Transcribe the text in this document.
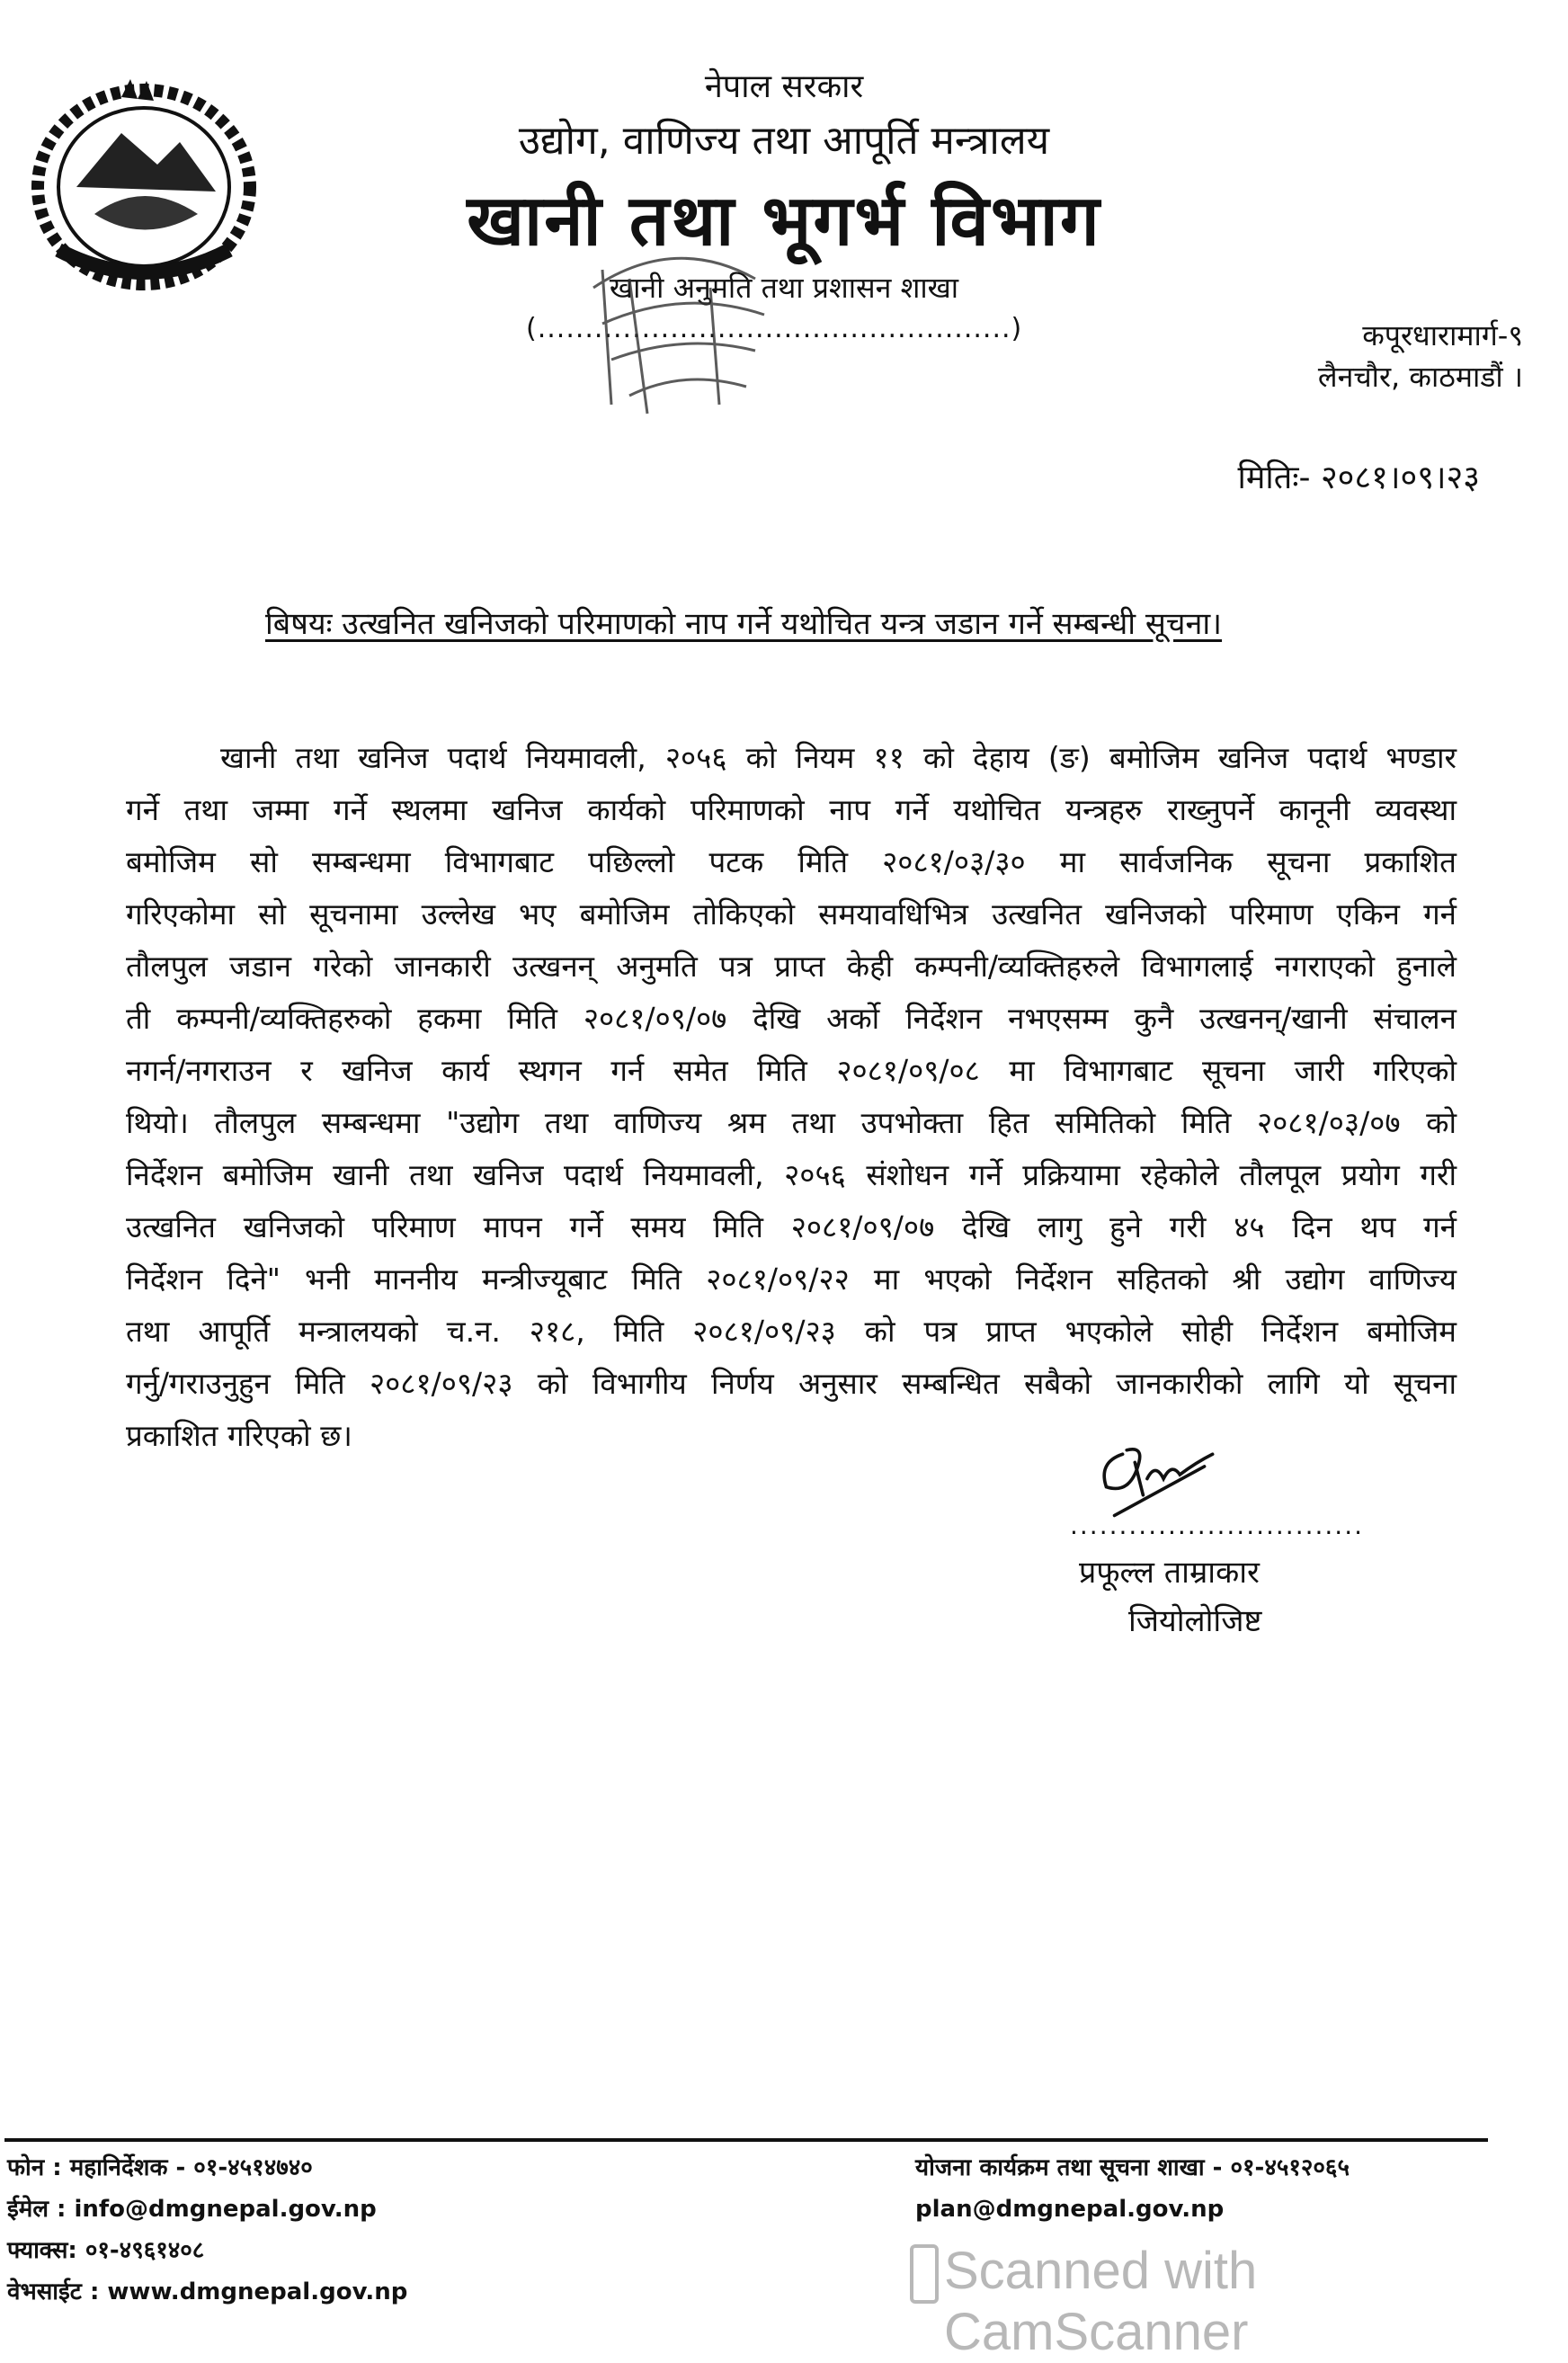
नेपाल सरकार
उद्योग, वाणिज्य तथा आपूर्ति मन्त्रालय
खानी तथा भूगर्भ विभाग
खानी अनुमति तथा प्रशासन शाखा
(..................................................)	कपूरधारामार्ग-९
लैनचौर, काठमाडौं ।
मितिः- २०८१।०९।२३
बिषयः उत्खनित खनिजको परिमाणको नाप गर्ने यथोचित यन्त्र जडान गर्ने सम्बन्धी सूचना।
खानी तथा खनिज पदार्थ नियमावली, २०५६ को नियम ११ को देहाय (ङ) बमोजिम खनिज पदार्थ भण्डार
गर्ने तथा जम्मा गर्ने स्थलमा खनिज कार्यको परिमाणको नाप गर्ने यथोचित यन्त्रहरु राख्नुपर्ने कानूनी व्यवस्था
बमोजिम सो सम्बन्धमा विभागबाट पछिल्लो पटक मिति २०८१/०३/३० मा सार्वजनिक सूचना प्रकाशित
गरिएकोमा सो सूचनामा उल्लेख भए बमोजिम तोकिएको समयावधिभित्र उत्खनित खनिजको परिमाण एकिन गर्न
तौलपुल जडान गरेको जानकारी उत्खनन् अनुमति पत्र प्राप्त केही कम्पनी/व्यक्तिहरुले विभागलाई नगराएको हुनाले
ती कम्पनी/व्यक्तिहरुको हकमा मिति २०८१/०९/०७ देखि अर्को निर्देशन नभएसम्म कुनै उत्खनन्/खानी संचालन
नगर्न/नगराउन र खनिज कार्य स्थगन गर्न समेत मिति २०८१/०९/०८ मा विभागबाट सूचना जारी गरिएको
थियो। तौलपुल सम्बन्धमा "उद्योग तथा वाणिज्य श्रम तथा उपभोक्ता हित समितिको मिति २०८१/०३/०७ को
निर्देशन बमोजिम खानी तथा खनिज पदार्थ नियमावली, २०५६ संशोधन गर्ने प्रक्रियामा रहेकोले तौलपूल प्रयोग गरी
उत्खनित खनिजको परिमाण मापन गर्ने समय मिति २०८१/०९/०७ देखि लागु हुने गरी ४५ दिन थप गर्न
निर्देशन दिने" भनी माननीय मन्त्रीज्यूबाट मिति २०८१/०९/२२ मा भएको निर्देशन सहितको श्री उद्योग वाणिज्य
तथा आपूर्ति मन्त्रालयको च.न. २१८, मिति २०८१/०९/२३ को पत्र प्राप्त भएकोले सोही निर्देशन बमोजिम
गर्नु/गराउनुहुन मिति २०८१/०९/२३ को विभागीय निर्णय अनुसार सम्बन्धित सबैको जानकारीको लागि यो सूचना
प्रकाशित गरिएको छ।
..............................
प्रफूल्ल ताम्राकार
जियोलोजिष्ट
फोन : महानिर्देशक - ०१-४५१४७४०
ईमेल : info@dmgnepal.gov.np
फ्याक्स: ०१-४९६१४०८
वेभसाईट : www.dmgnepal.gov.np
योजना कार्यक्रम तथा सूचना शाखा - ०१-४५१२०६५
plan@dmgnepal.gov.np
Scanned with CamScanner
